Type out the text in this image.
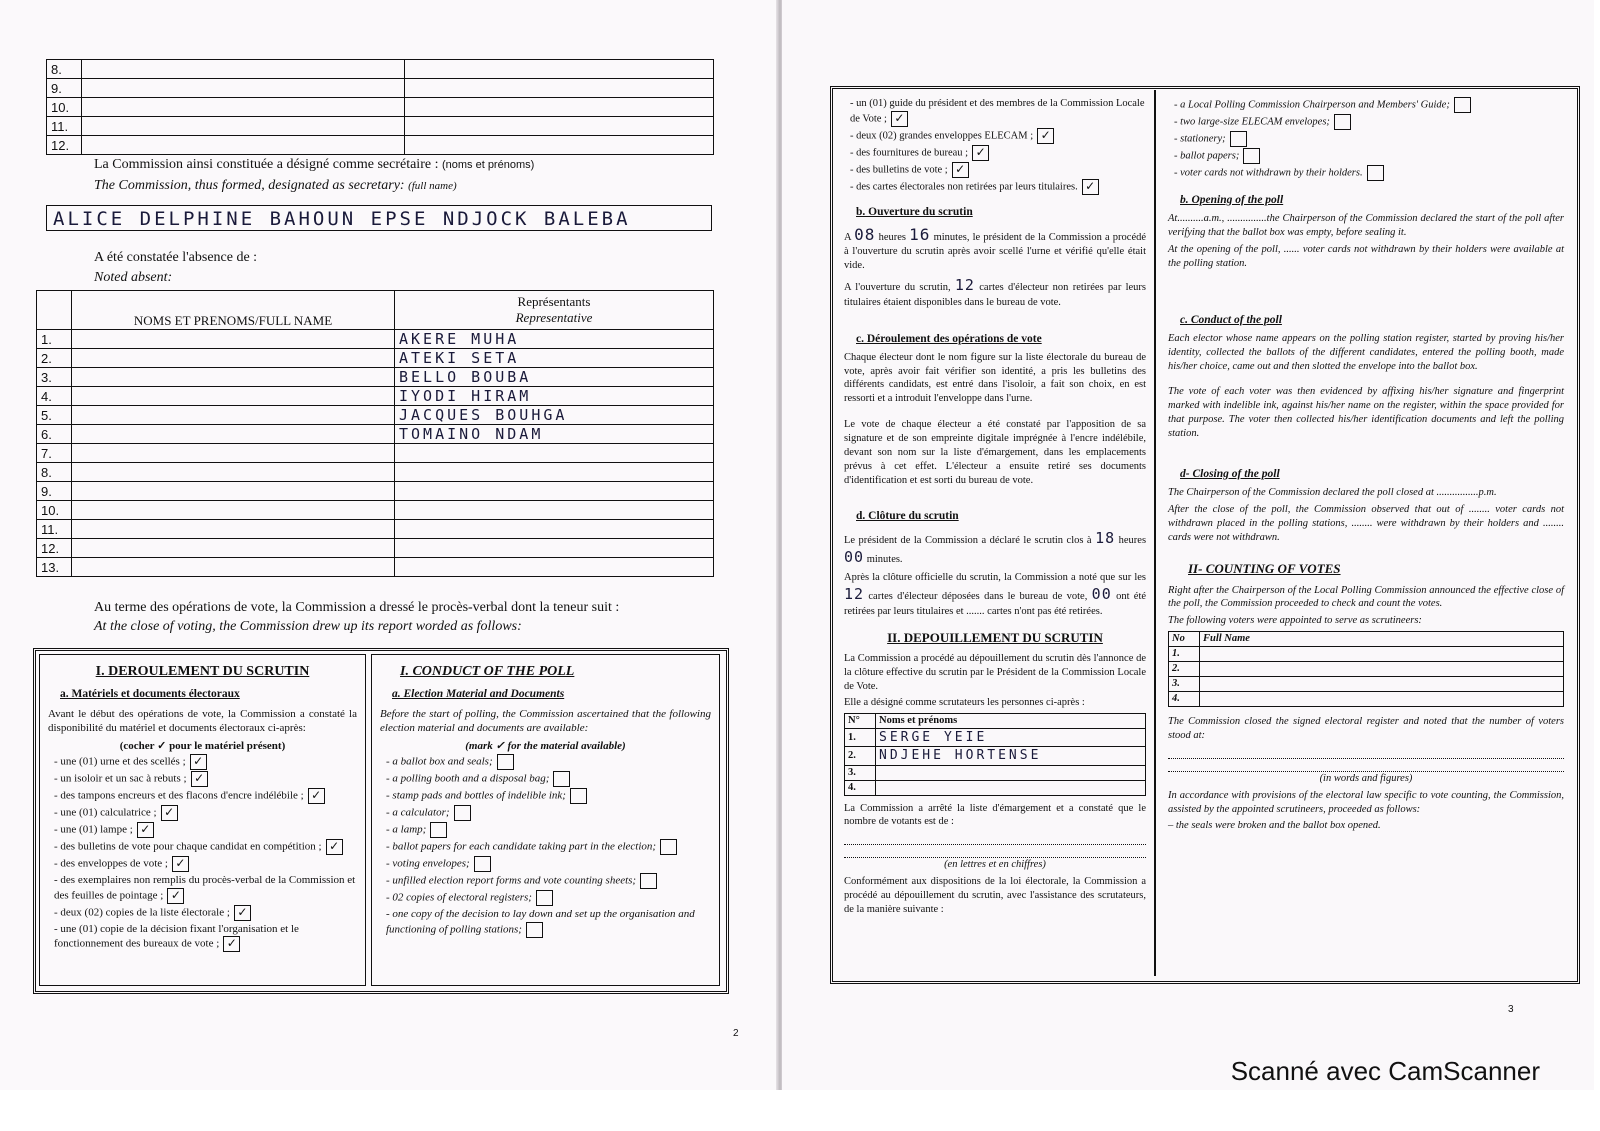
8.		
9.		
10.		
11.		
12.		
La Commission ainsi constituée a désigné comme secrétaire : (noms et prénoms)
The Commission, thus formed, designated as secretary: (full name)
ALICE DELPHINE BAHOUN EPSE NDJOCK BALEBA
A été constatée l'absence de :
Noted absent:
	NOMS ET PRENOMS/FULL NAME	Représentants
Representative

1.		AKERE MUHA
2.		ATEKI SETA
3.		BELLO BOUBA
4.		IYODI HIRAM
5.		JACQUES BOUHGA
6.		TOMAINO NDAM
7.		
8.		
9.		
10.		
11.		
12.		
13.		
Au terme des opérations de vote, la Commission a dressé le procès-verbal dont la teneur suit :
At the close of voting, the Commission drew up its report worded as follows:
I. DEROULEMENT DU SCRUTIN
a. Matériels et documents électoraux

Avant le début des opérations de vote, la Commission a constaté la disponibilité du matériel et documents électoraux ci-après:

(cocher ✓ pour le matériel présent)
- une (01) urne et des scellés ; ✓
- un isoloir et un sac à rebuts ; ✓
- des tampons encreurs et des flacons d'encre indélébile ; ✓
- une (01) calculatrice ; ✓
- une (01) lampe ; ✓
- des bulletins de vote pour chaque candidat en compétition ; ✓
- des enveloppes de vote ; ✓
- des exemplaires non remplis du procès-verbal de la Commission et des feuilles de pointage ; ✓
- deux (02) copies de la liste électorale ; ✓
- une (01) copie de la décision fixant l'organisation et le fonctionnement des bureaux de vote ; ✓
I. CONDUCT OF THE POLL
a. Election Material and Documents

Before the start of polling, the Commission ascertained that the following election material and documents are available:

(mark ✓ for the material available)
- a ballot box and seals;
- a polling booth and a disposal bag;
- stamp pads and bottles of indelible ink;
- a calculator;
- a lamp;
- ballot papers for each candidate taking part in the election;
- voting envelopes;
- unfilled election report forms and vote counting sheets;
- 02 copies of electoral registers;
- one copy of the decision to lay down and set up the organisation and functioning of polling stations;
2
- un (01) guide du président et des membres de la Commission Locale de Vote ; ✓
- deux (02) grandes enveloppes ELECAM ; ✓
- des fournitures de bureau ; ✓
- des bulletins de vote ; ✓
- des cartes électorales non retirées par leurs titulaires. ✓
b. Ouverture du scrutin

A 08 heures 16 minutes, le président de la Commission a procédé à l'ouverture du scrutin après avoir scellé l'urne et vérifié qu'elle était vide.

A l'ouverture du scrutin, 12 cartes d'électeur non retirées par leurs titulaires étaient disponibles dans le bureau de vote.

c. Déroulement des opérations de vote

Chaque électeur dont le nom figure sur la liste électorale du bureau de vote, après avoir fait vérifier son identité, a pris les bulletins des différents candidats, est entré dans l'isoloir, a fait son choix, en est ressorti et a introduit l'enveloppe dans l'urne.

Le vote de chaque électeur a été constaté par l'apposition de sa signature et de son empreinte digitale imprégnée à l'encre indélébile, devant son nom sur la liste d'émargement, dans les emplacements prévus à cet effet. L'électeur a ensuite retiré ses documents d'identification et est sorti du bureau de vote.

d. Clôture du scrutin

Le président de la Commission a déclaré le scrutin clos à 18 heures 00 minutes.

Après la clôture officielle du scrutin, la Commission a noté que sur les 12 cartes d'électeur déposées dans le bureau de vote, 00 ont été retirées par leurs titulaires et ....... cartes n'ont pas été retirées.

II. DEPOUILLEMENT DU SCRUTIN

La Commission a procédé au dépouillement du scrutin dès l'annonce de la clôture effective du scrutin par le Président de la Commission Locale de Vote.

Elle a désigné comme scrutateurs les personnes ci-après :

N°	Noms et prénoms
1.	SERGE YEIE
2.	NDJEHE HORTENSE
3.	
4.	

La Commission a arrêté la liste d'émargement et a constaté que le nombre de votants est de :

(en lettres et en chiffres)

Conformément aux dispositions de la loi électorale, la Commission a procédé au dépouillement du scrutin, avec l'assistance des scrutateurs, de la manière suivante :

- a Local Polling Commission Chairperson and Members' Guide;
- two large-size ELECAM envelopes;
- stationery;
- ballot papers;
- voter cards not withdrawn by their holders.
b. Opening of the poll

At..........a.m., ...............the Chairperson of the Commission declared the start of the poll after verifying that the ballot box was empty, before sealing it.

At the opening of the poll, ...... voter cards not withdrawn by their holders were available at the polling station.

c. Conduct of the poll

Each elector whose name appears on the polling station register, started by proving his/her identity, collected the ballots of the different candidates, entered the polling booth, made his/her choice, came out and then slotted the envelope into the ballot box.

The vote of each voter was then evidenced by affixing his/her signature and fingerprint marked with indelible ink, against his/her name on the register, within the space provided for that purpose. The voter then collected his/her identification documents and left the polling station.

d- Closing of the poll

The Chairperson of the Commission declared the poll closed at ................p.m.

After the close of the poll, the Commission observed that out of ........ voter cards not withdrawn placed in the polling stations, ........ were withdrawn by their holders and ........ cards were not withdrawn.

II- COUNTING OF VOTES

Right after the Chairperson of the Local Polling Commission announced the effective close of the poll, the Commission proceeded to check and count the votes.

The following voters were appointed to serve as scrutineers:

No	Full Name
1.	
2.	
3.	
4.	

The Commission closed the signed electoral register and noted that the number of voters stood at:

(in words and figures)

In accordance with provisions of the electoral law specific to vote counting, the Commission, assisted by the appointed scrutineers, proceeded as follows:

– the seals were broken and the ballot box opened.

3
Scanné avec CamScanner
